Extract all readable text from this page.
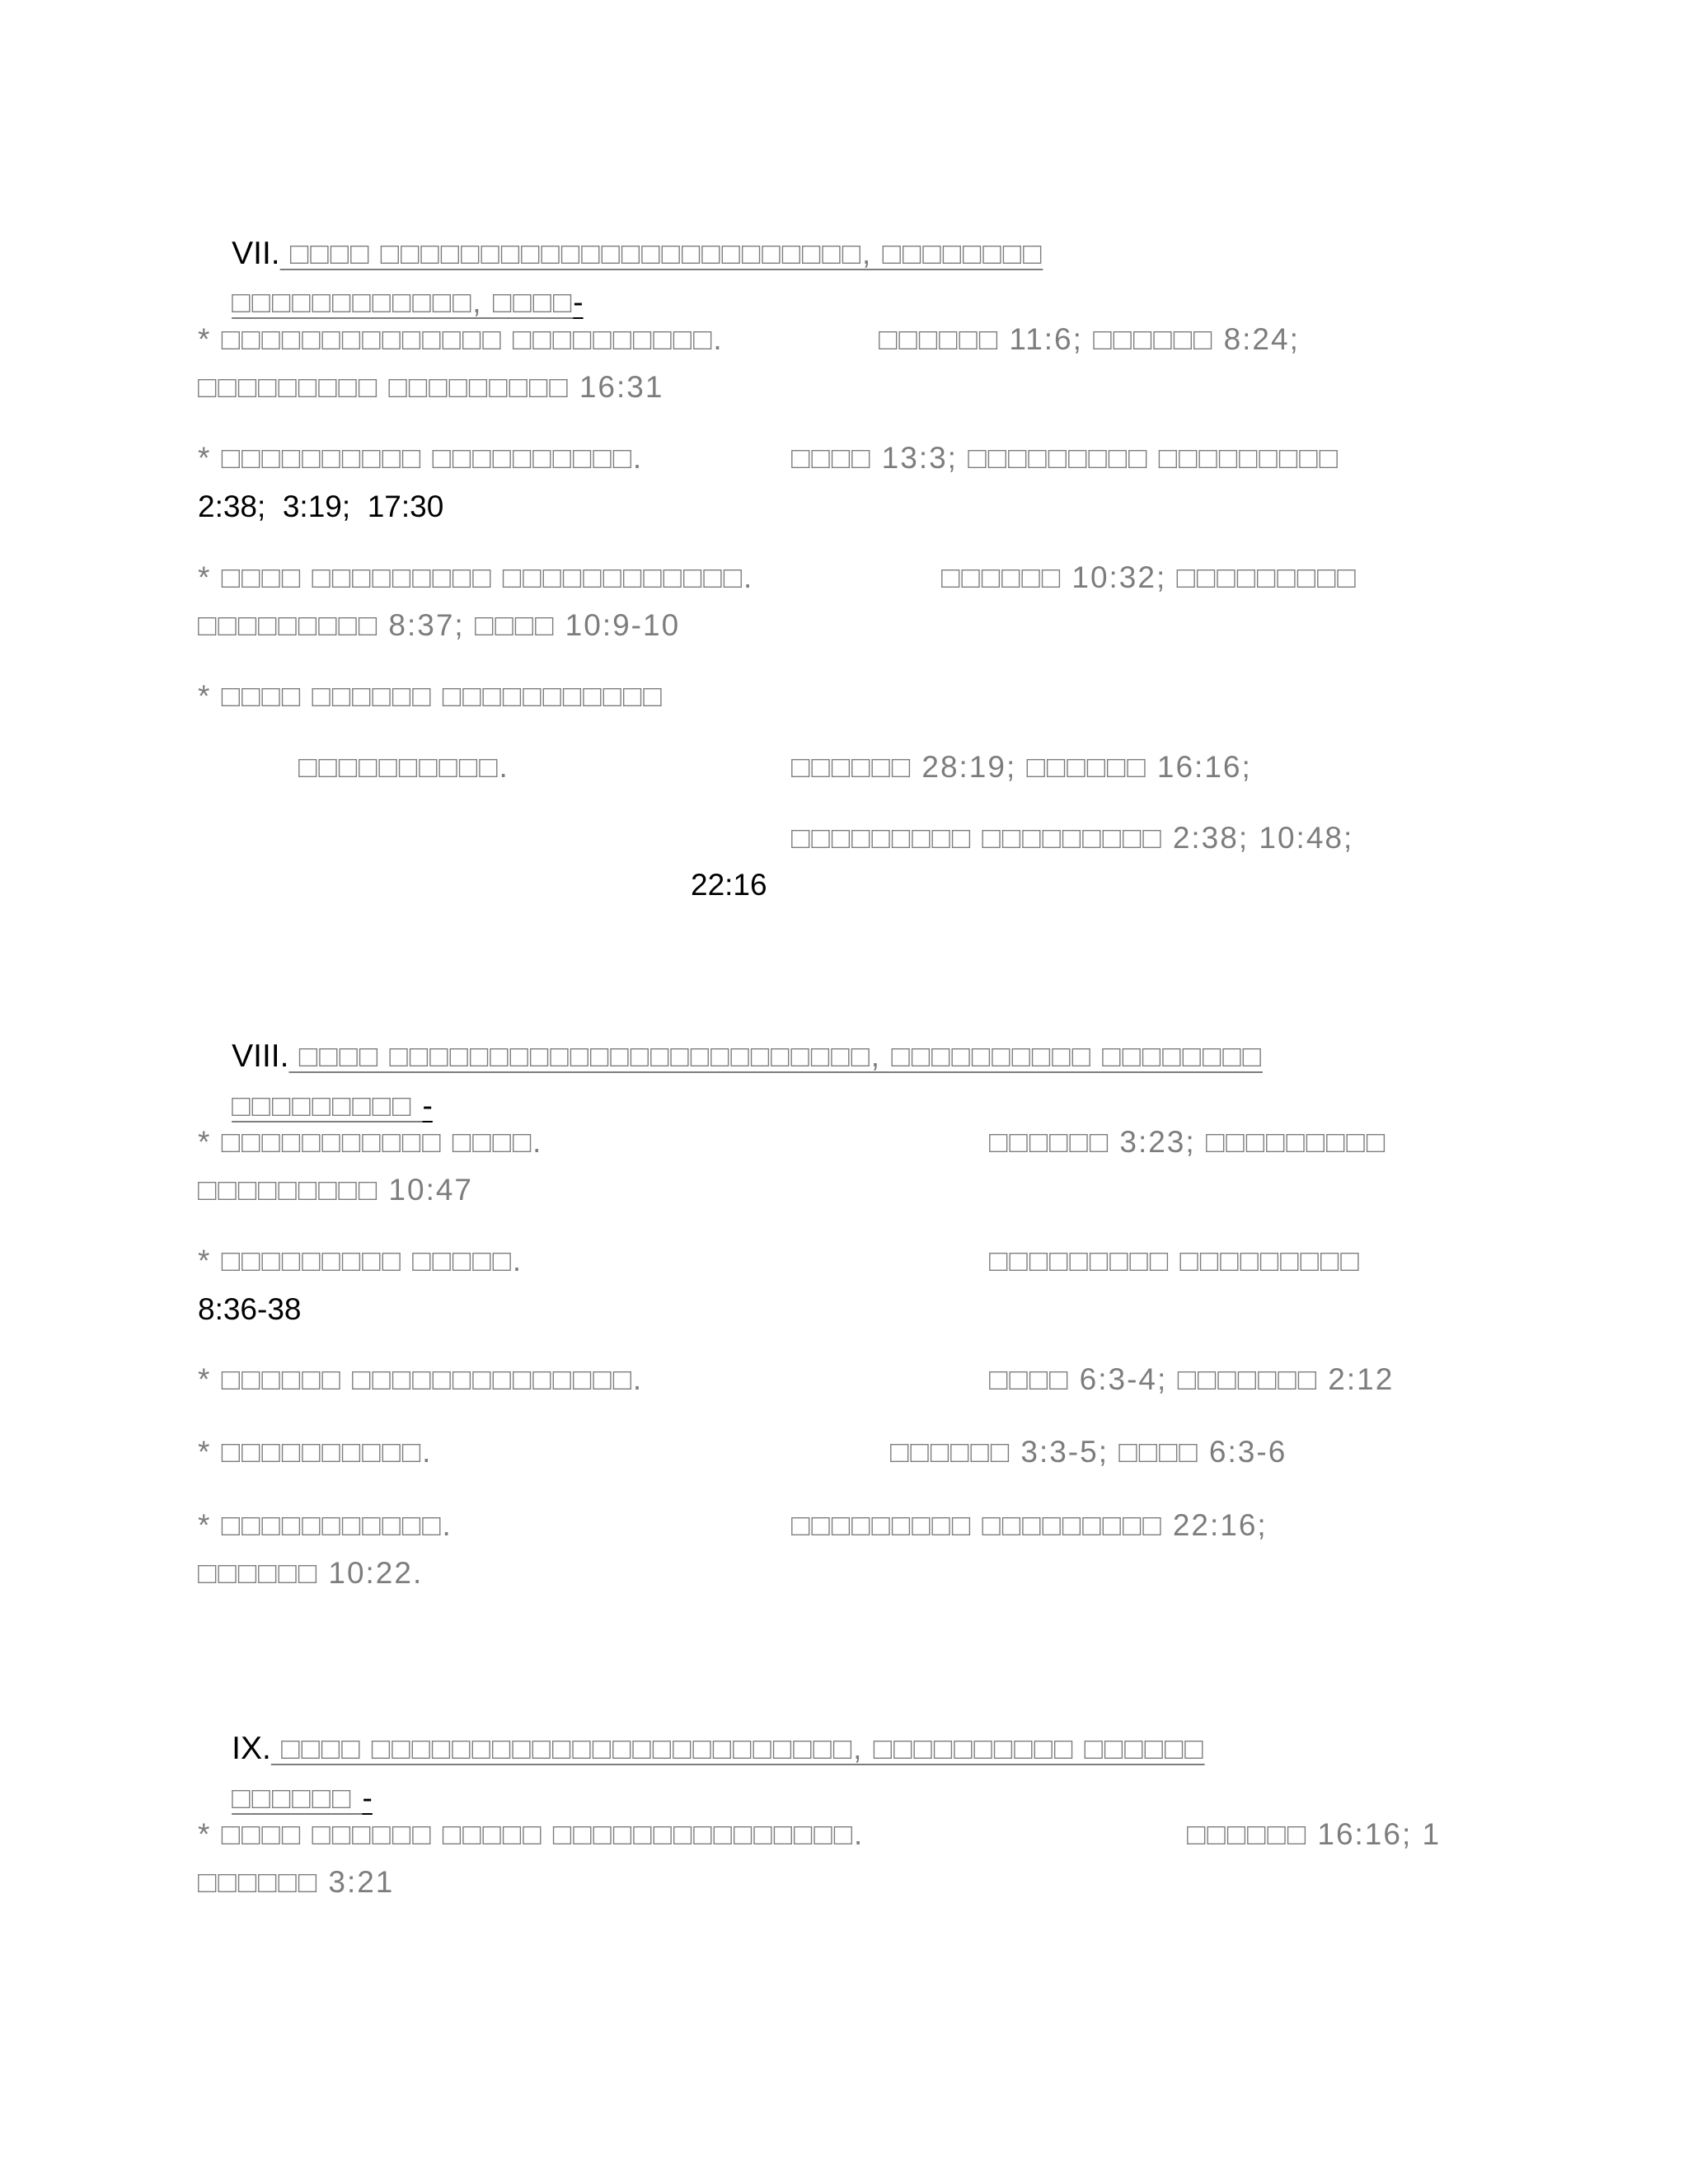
VII. □□□□ □□□□□□□□□□□□□□□□□□□□□□□□, □□□□□□□□

□□□□□□□□□□□□, □□□□-

* □□□□□□□□□□□□□□ □□□□□□□□□□.	□□□□□□ 11:6; □□□□□□ 8:24;
□□□□□□□□□ □□□□□□□□□ 16:31
* □□□□□□□□□□ □□□□□□□□□□.	□□□□ 13:3; □□□□□□□□□ □□□□□□□□□
2:38;  3:19;  17:30
* □□□□ □□□□□□□□□ □□□□□□□□□□□□.	□□□□□□ 10:32; □□□□□□□□□
□□□□□□□□□ 8:37; □□□□ 10:9-10
* □□□□ □□□□□□ □□□□□□□□□□□
□□□□□□□□□□.	□□□□□□ 28:19; □□□□□□ 16:16;
□□□□□□□□□ □□□□□□□□□ 2:38; 10:48;
22:16

VIII. □□□□ □□□□□□□□□□□□□□□□□□□□□□□□, □□□□□□□□□□ □□□□□□□□

□□□□□□□□□ -

* □□□□□□□□□□□ □□□□.	□□□□□□ 3:23; □□□□□□□□□
□□□□□□□□□ 10:47
* □□□□□□□□□ □□□□□.	□□□□□□□□□ □□□□□□□□□
8:36-38
* □□□□□□ □□□□□□□□□□□□□□.	□□□□ 6:3-4; □□□□□□□ 2:12
* □□□□□□□□□□.	□□□□□□ 3:3-5; □□□□ 6:3-6
* □□□□□□□□□□□.	□□□□□□□□□ □□□□□□□□□ 22:16;
□□□□□□ 10:22.

IX. □□□□ □□□□□□□□□□□□□□□□□□□□□□□□, □□□□□□□□□□ □□□□□□

□□□□□□ -

* □□□□ □□□□□□ □□□□□ □□□□□□□□□□□□□□□.	□□□□□□ 16:16; 1
□□□□□□ 3:21
